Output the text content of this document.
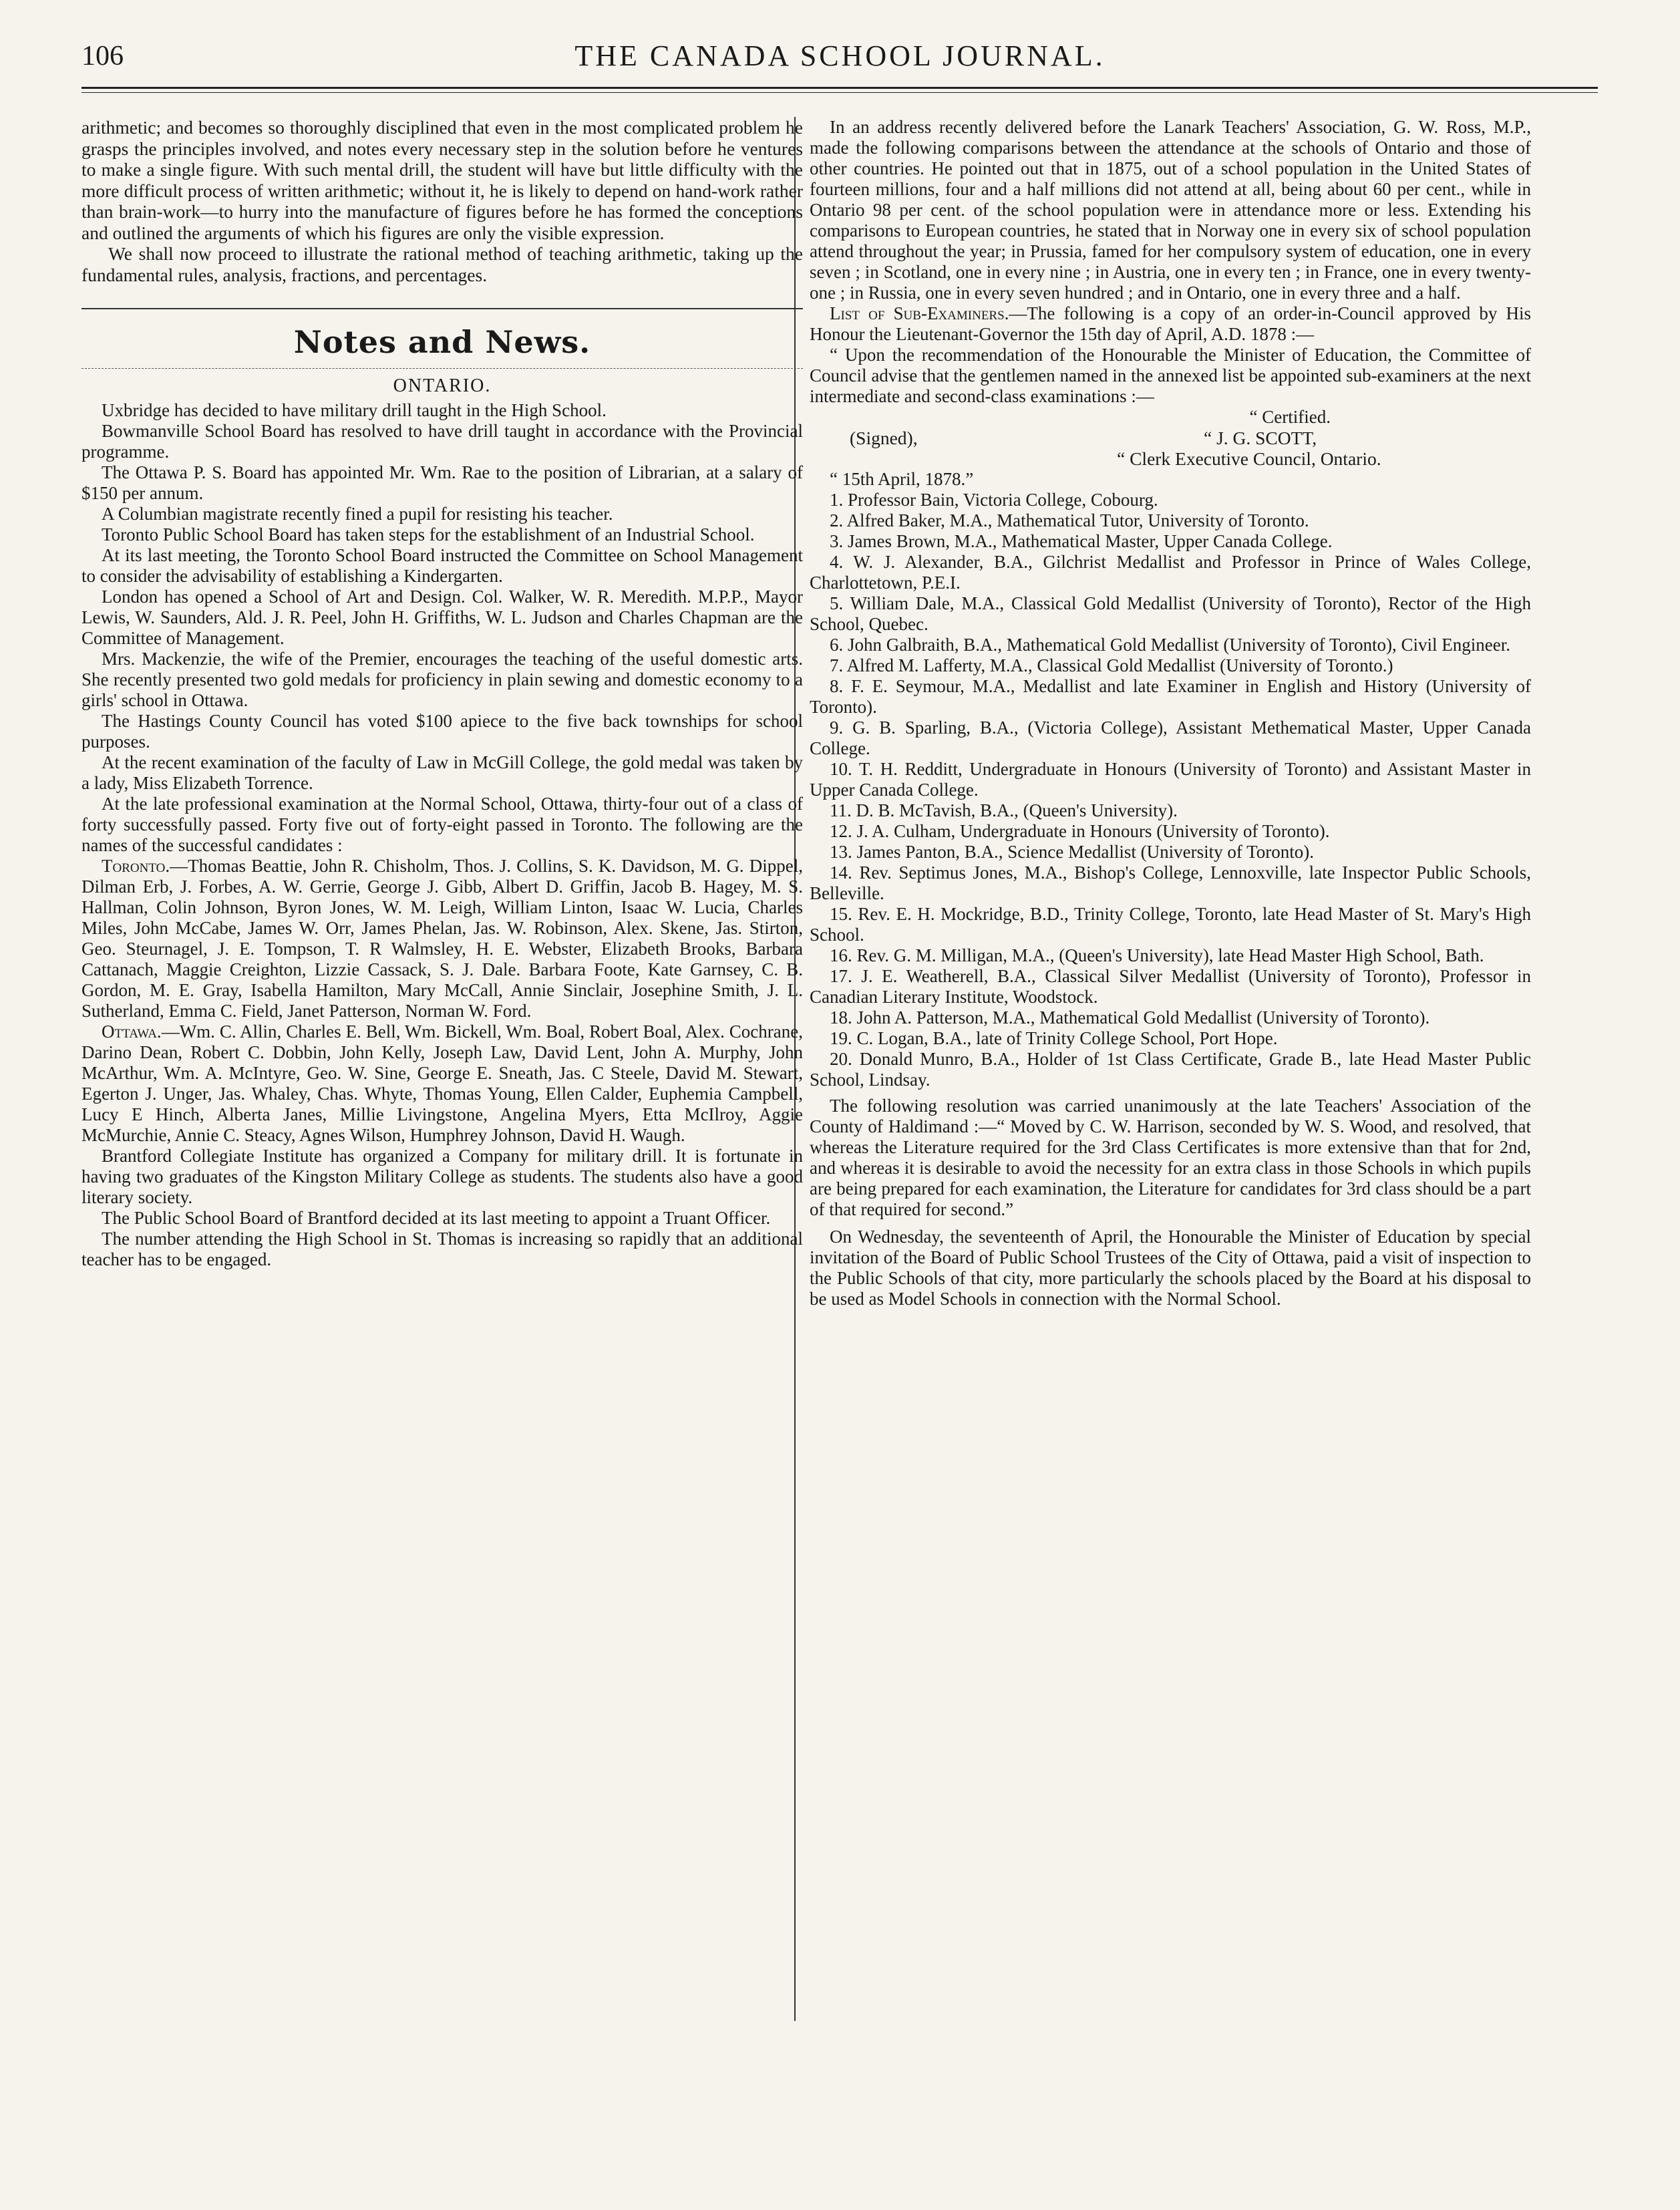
106	THE CANADA SCHOOL JOURNAL.

arithmetic; and becomes so thoroughly disciplined that even in the most complicated problem he grasps the principles involved, and notes every necessary step in the solution before he ventures to make a single figure. With such mental drill, the student will have but little difficulty with the more difficult process of written arithmetic; without it, he is likely to depend on hand-work rather than brain-work—to hurry into the manufacture of figures before he has formed the conceptions and outlined the arguments of which his figures are only the visible expression.

We shall now proceed to illustrate the rational method of teaching arithmetic, taking up the fundamental rules, analysis, fractions, and percentages.

Notes and News.
ONTARIO.

Uxbridge has decided to have military drill taught in the High School.

Bowmanville School Board has resolved to have drill taught in accordance with the Provincial programme.

The Ottawa P. S. Board has appointed Mr. Wm. Rae to the position of Librarian, at a salary of $150 per annum.

A Columbian magistrate recently fined a pupil for resisting his teacher.

Toronto Public School Board has taken steps for the establishment of an Industrial School.

At its last meeting, the Toronto School Board instructed the Committee on School Management to consider the advisability of establishing a Kindergarten.

London has opened a School of Art and Design. Col. Walker, W. R. Meredith. M.P.P., Mayor Lewis, W. Saunders, Ald. J. R. Peel, John H. Griffiths, W. L. Judson and Charles Chapman are the Committee of Management.

Mrs. Mackenzie, the wife of the Premier, encourages the teaching of the useful domestic arts. She recently presented two gold medals for proficiency in plain sewing and domestic economy to a girls' school in Ottawa.

The Hastings County Council has voted $100 apiece to the five back townships for school purposes.

At the recent examination of the faculty of Law in McGill College, the gold medal was taken by a lady, Miss Elizabeth Torrence.

At the late professional examination at the Normal School, Ottawa, thirty-four out of a class of forty successfully passed. Forty five out of forty-eight passed in Toronto. The following are the names of the successful candidates :

Toronto.—Thomas Beattie, John R. Chisholm, Thos. J. Collins, S. K. Davidson, M. G. Dippel, Dilman Erb, J. Forbes, A. W. Gerrie, George J. Gibb, Albert D. Griffin, Jacob B. Hagey, M. S. Hallman, Colin Johnson, Byron Jones, W. M. Leigh, William Linton, Isaac W. Lucia, Charles Miles, John McCabe, James W. Orr, James Phelan, Jas. W. Robinson, Alex. Skene, Jas. Stirton, Geo. Steurnagel, J. E. Tompson, T. R Walmsley, H. E. Webster, Elizabeth Brooks, Barbara Cattanach, Maggie Creighton, Lizzie Cassack, S. J. Dale. Barbara Foote, Kate Garnsey, C. B. Gordon, M. E. Gray, Isabella Hamilton, Mary McCall, Annie Sinclair, Josephine Smith, J. L. Sutherland, Emma C. Field, Janet Patterson, Norman W. Ford.

Ottawa.—Wm. C. Allin, Charles E. Bell, Wm. Bickell, Wm. Boal, Robert Boal, Alex. Cochrane, Darino Dean, Robert C. Dobbin, John Kelly, Joseph Law, David Lent, John A. Murphy, John McArthur, Wm. A. McIntyre, Geo. W. Sine, George E. Sneath, Jas. C Steele, David M. Stewart, Egerton J. Unger, Jas. Whaley, Chas. Whyte, Thomas Young, Ellen Calder, Euphemia Campbell, Lucy E Hinch, Alberta Janes, Millie Livingstone, Angelina Myers, Etta McIlroy, Aggie McMurchie, Annie C. Steacy, Agnes Wilson, Humphrey Johnson, David H. Waugh.

Brantford Collegiate Institute has organized a Company for military drill. It is fortunate in having two graduates of the Kingston Military College as students. The students also have a good literary society.

The Public School Board of Brantford decided at its last meeting to appoint a Truant Officer.

The number attending the High School in St. Thomas is increasing so rapidly that an additional teacher has to be engaged.

In an address recently delivered before the Lanark Teachers' Association, G. W. Ross, M.P., made the following comparisons between the attendance at the schools of Ontario and those of other countries. He pointed out that in 1875, out of a school population in the United States of fourteen millions, four and a half millions did not attend at all, being about 60 per cent., while in Ontario 98 per cent. of the school population were in attendance more or less. Extending his comparisons to European countries, he stated that in Norway one in every six of school population attend throughout the year; in Prussia, famed for her compulsory system of education, one in every seven ; in Scotland, one in every nine ; in Austria, one in every ten ; in France, one in every twenty-one ; in Russia, one in every seven hundred ; and in Ontario, one in every three and a half.

List of Sub-Examiners.—The following is a copy of an order-in-Council approved by His Honour the Lieutenant-Governor the 15th day of April, A.D. 1878 :—

“ Upon the recommendation of the Honourable the Minister of Education, the Committee of Council advise that the gentlemen named in the annexed list be appointed sub-examiners at the next intermediate and second-class examinations :—

“ Certified.

(Signed),	“ J. G. SCOTT,
“ Clerk Executive Council, Ontario.

“ 15th April, 1878.”

1. Professor Bain, Victoria College, Cobourg.

2. Alfred Baker, M.A., Mathematical Tutor, University of Toronto.

3. James Brown, M.A., Mathematical Master, Upper Canada College.

4. W. J. Alexander, B.A., Gilchrist Medallist and Professor in Prince of Wales College, Charlottetown, P.E.I.

5. William Dale, M.A., Classical Gold Medallist (University of Toronto), Rector of the High School, Quebec.

6. John Galbraith, B.A., Mathematical Gold Medallist (University of Toronto), Civil Engineer.

7. Alfred M. Lafferty, M.A., Classical Gold Medallist (University of Toronto.)

8. F. E. Seymour, M.A., Medallist and late Examiner in English and History (University of Toronto).

9. G. B. Sparling, B.A., (Victoria College), Assistant Methematical Master, Upper Canada College.

10. T. H. Redditt, Undergraduate in Honours (University of Toronto) and Assistant Master in Upper Canada College.

11. D. B. McTavish, B.A., (Queen's University).

12. J. A. Culham, Undergraduate in Honours (University of Toronto).

13. James Panton, B.A., Science Medallist (University of Toronto).

14. Rev. Septimus Jones, M.A., Bishop's College, Lennoxville, late Inspector Public Schools, Belleville.

15. Rev. E. H. Mockridge, B.D., Trinity College, Toronto, late Head Master of St. Mary's High School.

16. Rev. G. M. Milligan, M.A., (Queen's University), late Head Master High School, Bath.

17. J. E. Weatherell, B.A., Classical Silver Medallist (University of Toronto), Professor in Canadian Literary Institute, Woodstock.

18. John A. Patterson, M.A., Mathematical Gold Medallist (University of Toronto).

19. C. Logan, B.A., late of Trinity College School, Port Hope.

20. Donald Munro, B.A., Holder of 1st Class Certificate, Grade B., late Head Master Public School, Lindsay.

The following resolution was carried unanimously at the late Teachers' Association of the County of Haldimand :—“ Moved by C. W. Harrison, seconded by W. S. Wood, and resolved, that whereas the Literature required for the 3rd Class Certificates is more extensive than that for 2nd, and whereas it is desirable to avoid the necessity for an extra class in those Schools in which pupils are being prepared for each examination, the Literature for candidates for 3rd class should be a part of that required for second.”

On Wednesday, the seventeenth of April, the Honourable the Minister of Education by special invitation of the Board of Public School Trustees of the City of Ottawa, paid a visit of inspection to the Public Schools of that city, more particularly the schools placed by the Board at his disposal to be used as Model Schools in connection with the Normal School.
